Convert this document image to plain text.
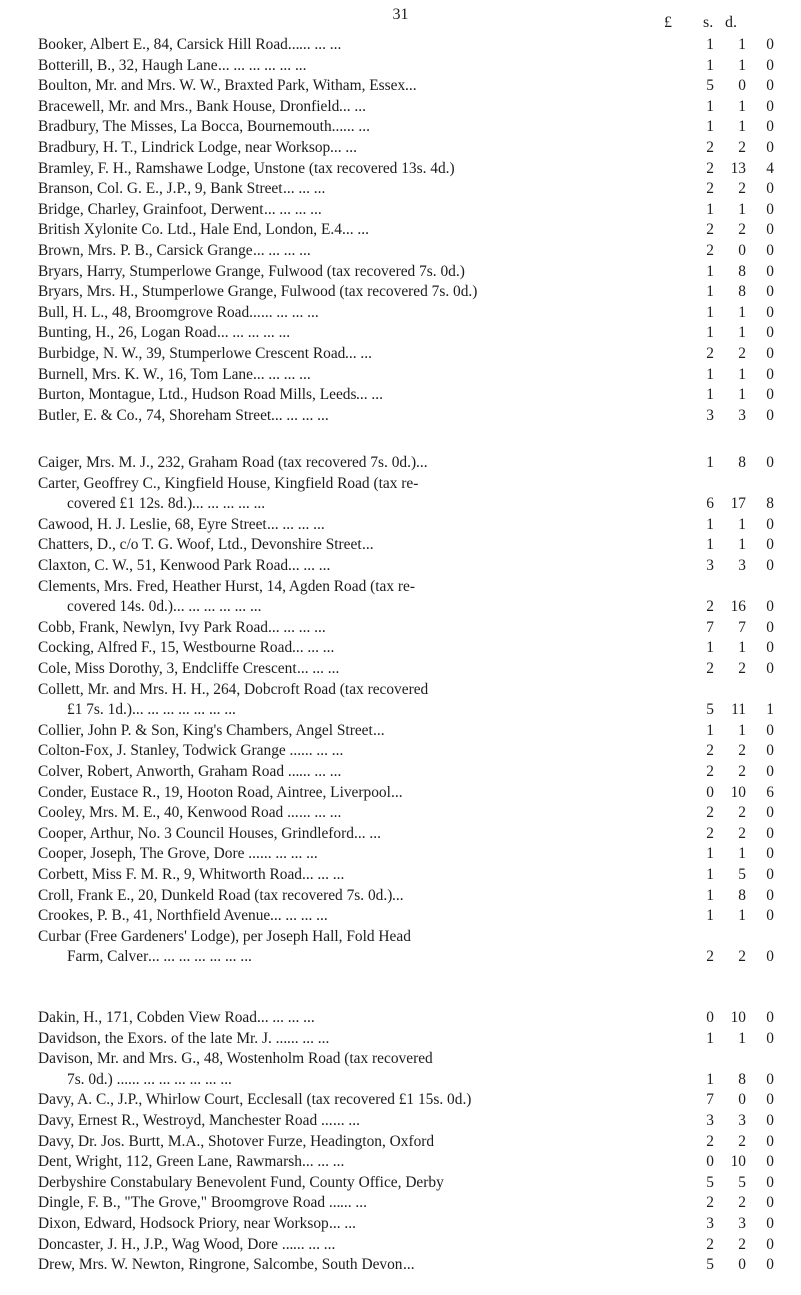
31	£ s. d.
Booker, Albert E., 84, Carsick Hill Road... ... ... ...	1	1	0
Botterill, B., 32, Haugh Lane ... ... ... ... ... ...	1	1	0
Boulton, Mr. and Mrs. W. W., Braxted Park, Witham, Essex ...	5	0	0
Bracewell, Mr. and Mrs., Bank House, Dronfield ... ...	1	1	0
Bradbury, The Misses, La Bocca, Bournemouth... ... ...	1	1	0
Bradbury, H. T., Lindrick Lodge, near Worksop ... ...	2	2	0
Bramley, F. H., Ramshawe Lodge, Unstone (tax recovered 13s. 4d.)	2	13	4
Branson, Col. G. E., J.P., 9, Bank Street ... ... ...	2	2	0
Bridge, Charley, Grainfoot, Derwent ... ... ... ...	1	1	0
British Xylonite Co. Ltd., Hale End, London, E.4 ... ...	2	2	0
Brown, Mrs. P. B., Carsick Grange ... ... ... ...	2	0	0
Bryars, Harry, Stumperlowe Grange, Fulwood (tax recovered 7s. 0d.)	1	8	0
Bryars, Mrs. H., Stumperlowe Grange, Fulwood (tax recovered 7s. 0d.)	1	8	0
Bull, H. L., 48, Broomgrove Road... ... ... ... ...	1	1	0
Bunting, H., 26, Logan Road ... ... ... ... ...	1	1	0
Burbidge, N. W., 39, Stumperlowe Crescent Road ... ...	2	2	0
Burnell, Mrs. K. W., 16, Tom Lane ... ... ... ...	1	1	0
Burton, Montague, Ltd., Hudson Road Mills, Leeds ... ...	1	1	0
Butler, E. & Co., 74, Shoreham Street ... ... ... ...	3	3	0
Caiger, Mrs. M. J., 232, Graham Road (tax recovered 7s. 0d.) ...	1	8	0
Carter, Geoffrey C., Kingfield House, Kingfield Road (tax re-
covered £1 12s. 8d.) ... ... ... ... ...	6	17	8
Cawood, H. J. Leslie, 68, Eyre Street ... ... ... ...	1	1	0
Chatters, D., c/o T. G. Woof, Ltd., Devonshire Street ...	1	1	0
Claxton, C. W., 51, Kenwood Park Road ... ... ...	3	3	0
Clements, Mrs. Fred, Heather Hurst, 14, Agden Road (tax re-
covered 14s. 0d.) ... ... ... ... ... ...	2	16	0
Cobb, Frank, Newlyn, Ivy Park Road ... ... ... ...	7	7	0
Cocking, Alfred F., 15, Westbourne Road ... ... ...	1	1	0
Cole, Miss Dorothy, 3, Endcliffe Crescent ... ... ...	2	2	0
Collett, Mr. and Mrs. H. H., 264, Dobcroft Road (tax recovered
£1 7s. 1d.) ... ... ... ... ... ... ...	5	11	1
Collier, John P. & Son, King's Chambers, Angel Street ...	1	1	0
Colton-Fox, J. Stanley, Todwick Grange ... ... ... ...	2	2	0
Colver, Robert, Anworth, Graham Road ... ... ... ...	2	2	0
Conder, Eustace R., 19, Hooton Road, Aintree, Liverpool ...	0	10	6
Cooley, Mrs. M. E., 40, Kenwood Road ... ... ... ...	2	2	0
Cooper, Arthur, No. 3 Council Houses, Grindleford ... ...	2	2	0
Cooper, Joseph, The Grove, Dore ... ... ... ... ...	1	1	0
Corbett, Miss F. M. R., 9, Whitworth Road ... ... ...	1	5	0
Croll, Frank E., 20, Dunkeld Road (tax recovered 7s. 0d.) ...	1	8	0
Crookes, P. B., 41, Northfield Avenue ... ... ... ...	1	1	0
Curbar (Free Gardeners' Lodge), per Joseph Hall, Fold Head
Farm, Calver ... ... ... ... ... ... ...	2	2	0
Dakin, H., 171, Cobden View Road ... ... ... ...	0	10	0
Davidson, the Exors. of the late Mr. J. ... ... ... ...	1	1	0
Davison, Mr. and Mrs. G., 48, Wostenholm Road (tax recovered
7s. 0d.) ... ... ... ... ... ... ... ...	1	8	0
Davy, A. C., J.P., Whirlow Court, Ecclesall (tax recovered £1 15s. 0d.)	7	0	0
Davy, Ernest R., Westroyd, Manchester Road ... ... ...	3	3	0
Davy, Dr. Jos. Burtt, M.A., Shotover Furze, Headington, Oxford	2	2	0
Dent, Wright, 112, Green Lane, Rawmarsh ... ... ...	0	10	0
Derbyshire Constabulary Benevolent Fund, County Office, Derby	5	5	0
Dingle, F. B., "The Grove," Broomgrove Road ... ... ...	2	2	0
Dixon, Edward, Hodsock Priory, near Worksop ... ...	3	3	0
Doncaster, J. H., J.P., Wag Wood, Dore ... ... ... ...	2	2	0
Drew, Mrs. W. Newton, Ringrone, Salcombe, South Devon ...	5	0	0
